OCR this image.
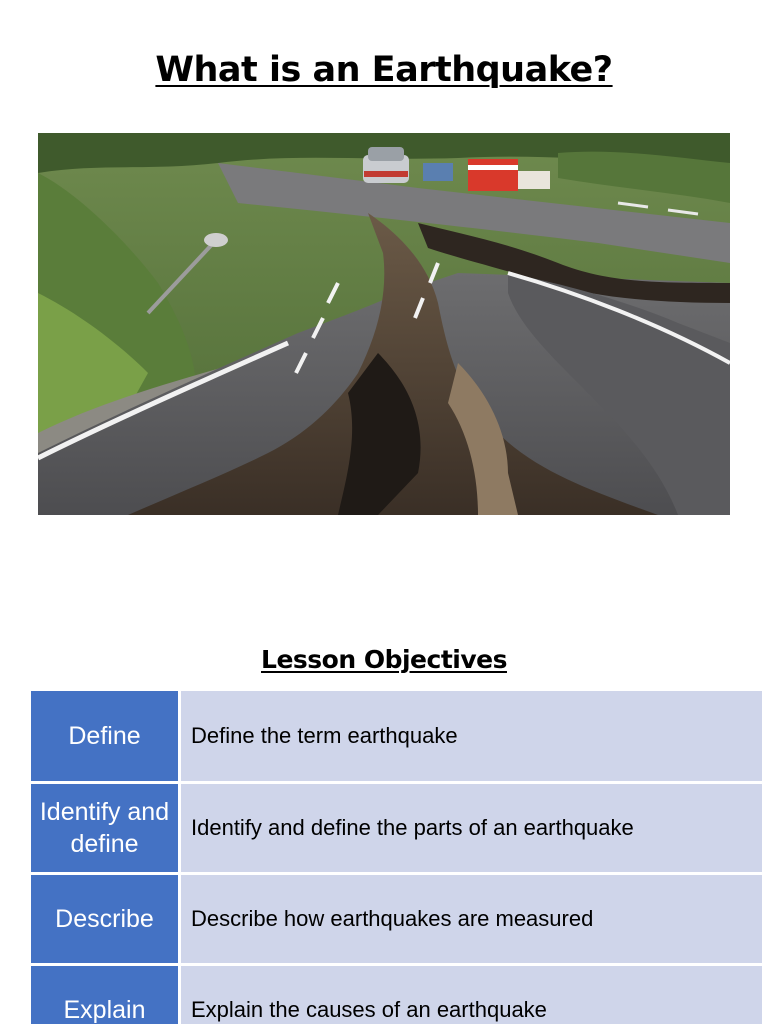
What is an Earthquake?
Lesson Objectives
Define	Define the term earthquake

Identify and define	Identify and define the parts of an earthquake

Describe	Describe how earthquakes are measured

Explain	Explain the causes of an earthquake
